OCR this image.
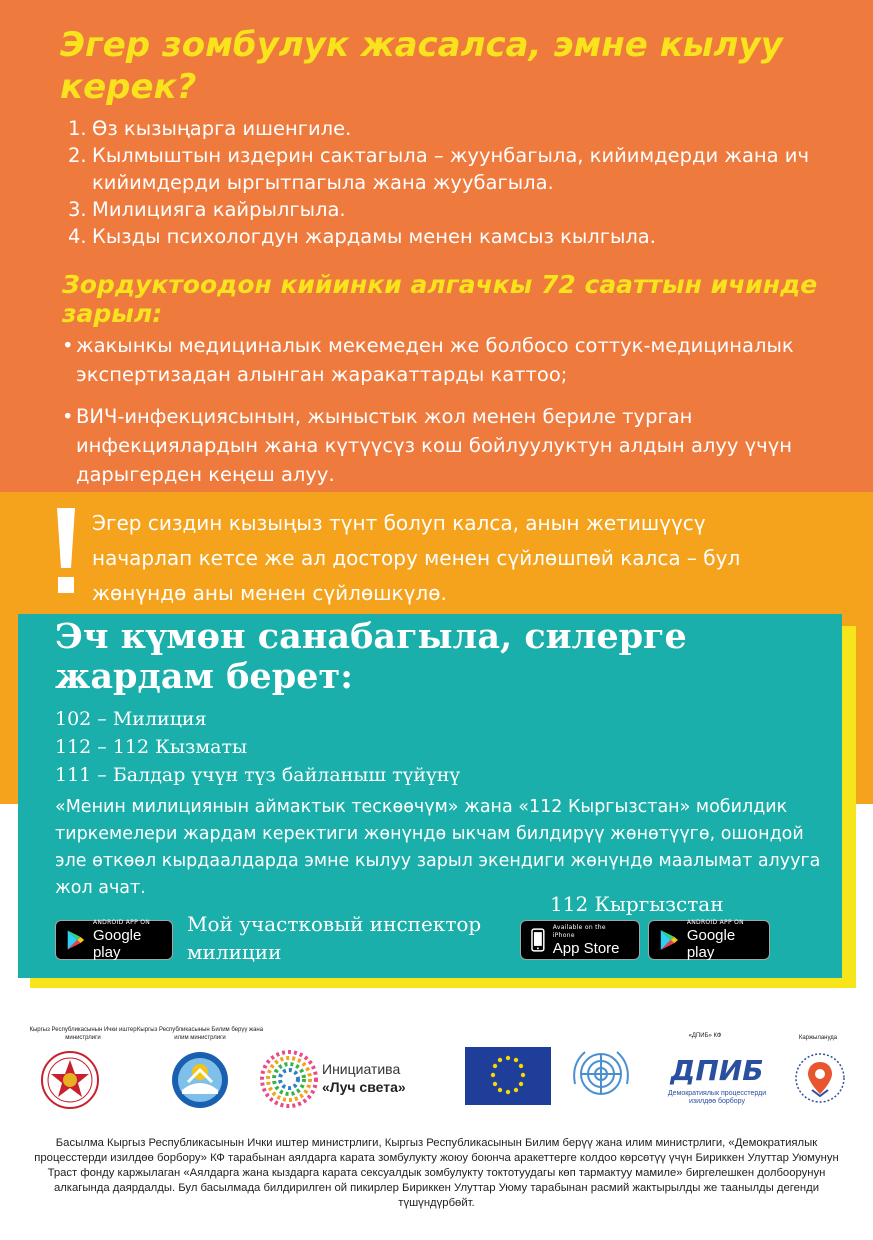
Эгер зомбулук жасалса, эмне кылуу керек?
1. Өз кызыңарга ишенгиле.
2. Кылмыштын издерин сактагыла – жуунбагыла, кийимдерди жана ич кийимдерди ыргытпагыла жана жуубагыла.
3. Милицияга кайрылгыла.
4. Кызды психологдун жардамы менен камсыз кылгыла.
Зордуктоодон кийинки алгачкы 72 сааттын ичинде зарыл:
• жакынкы медициналык мекемеден же болбосо соттук-медициналык экспертизадан алынган жаракаттарды каттоо;
• ВИЧ-инфекциясынын, жыныстык жол менен бериле турган инфекциялардын жана күтүүсүз кош бойлуулуктун алдын алуу үчүн дарыгерден кеңеш алуу.

Эгер сиздин кызыңыз түнт болуп калса, анын жетишүүсү начарлап кетсе же ал достору менен сүйлөшпөй калса – бул жөнүндө аны менен сүйлөшкүлө.

Эч күмөн санабагыла, силерге жардам берет:
102 – Милиция
112 – 112 Кызматы
111 – Балдар үчүн түз байланыш түйүнү

«Менин милициянын аймактык тескөөчүм» жана «112 Кыргызстан» мобилдик тиркемелери жардам керектиги жөнүндө ыкчам билдирүү жөнөтүүгө, ошондой эле өткөөл кырдаалдарда эмне кылуу зарыл экендиги жөнүндө маалымат алууга жол ачат.

ANDROID APP ON
Google play
Мой участковый инспектор милиции
112 Кыргызстан
Available on the iPhone
App Store
ANDROID APP ON
Google play
Кыргыз Республикасынын Ички иштер министрлиги
Кыргыз Республикасынын Билим берүү жана илим министрлиги
Инициатива
«Луч света»
«ДПИБ» КФ
ДПИБ
Демократиялык процесстерди изилдөө борбору
Каржылануда

Басылма Кыргыз Республикасынын Ички иштер министрлиги, Кыргыз Республикасынын Билим берүү жана илим министрлиги, «Демократиялык процесстерди изилдөө борбору» КФ тарабынан аялдарга карата зомбулукту жоюу боюнча аракеттерге колдоо көрсөтүү үчүн Бириккен Улуттар Уюмунун Траст фонду каржылаган «Аялдарга жана кыздарга карата сексуалдык зомбулукту токтотуудагы көп тармактуу мамиле» биргелешкен долбоорунун алкагында даярдалды. Бул басылмада билдирилген ой пикирлер Бириккен Улуттар Уюму тарабынан расмий жактырылды же таанылды дегенди түшүндүрбөйт.
